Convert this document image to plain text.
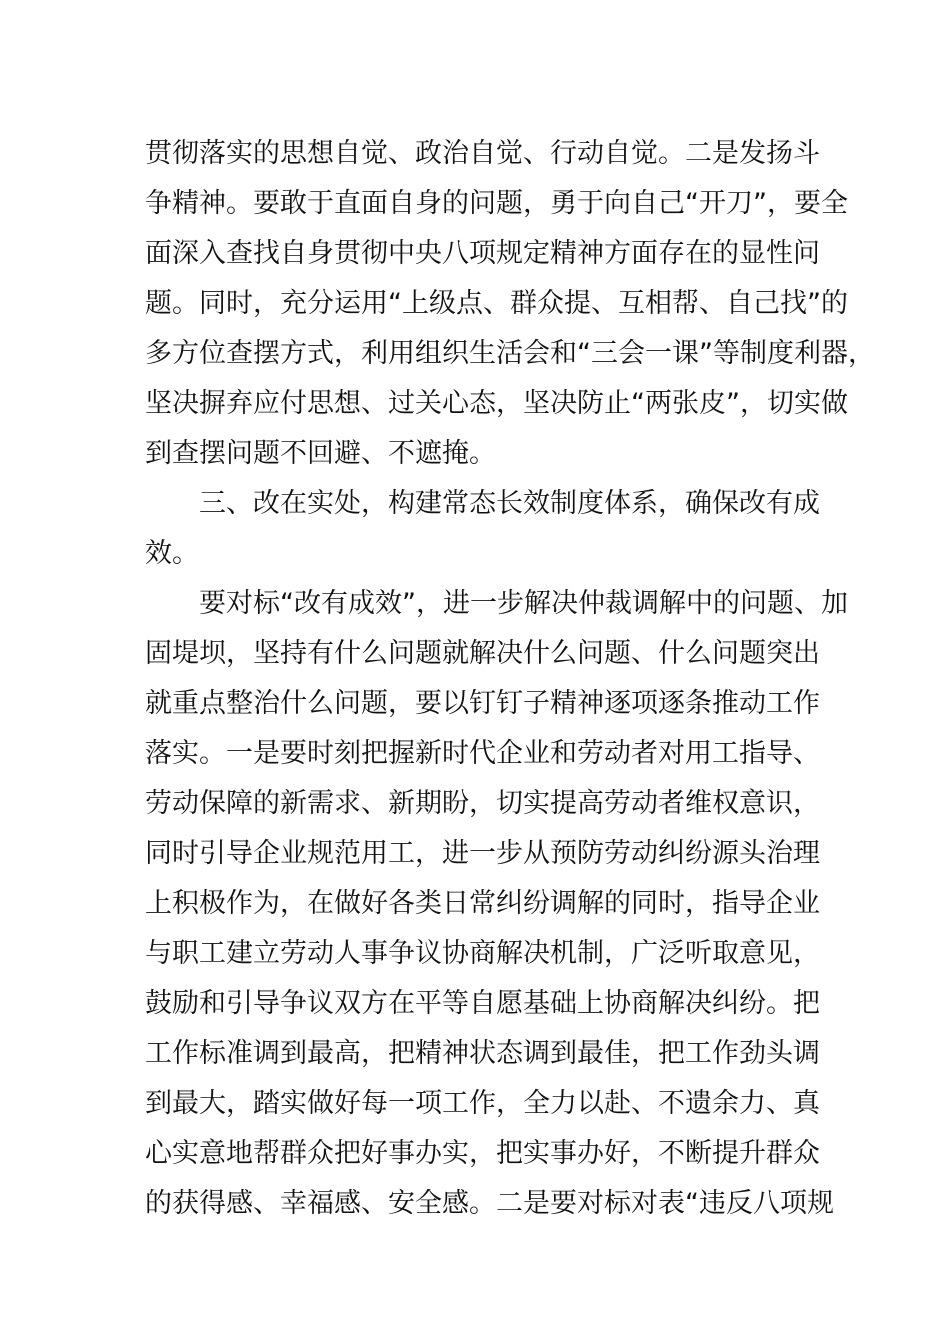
贯彻落实的思想自觉、政治自觉、行动自觉。二是发扬斗
争精神。要敢于直面自身的问题，勇于向自己“开刀”，要全
面深入查找自身贯彻中央八项规定精神方面存在的显性问
题。同时，充分运用“上级点、群众提、互相帮、自己找”的
多方位查摆方式，利用组织生活会和“三会一课”等制度利器，
坚决摒弃应付思想、过关心态，坚决防止“两张皮”，切实做
到查摆问题不回避、不遮掩。
　　三、改在实处，构建常态长效制度体系，确保改有成
效。
　　要对标“改有成效”，进一步解决仲裁调解中的问题、加
固堤坝，坚持有什么问题就解决什么问题、什么问题突出
就重点整治什么问题，要以钉钉子精神逐项逐条推动工作
落实。一是要时刻把握新时代企业和劳动者对用工指导、
劳动保障的新需求、新期盼，切实提高劳动者维权意识，
同时引导企业规范用工，进一步从预防劳动纠纷源头治理
上积极作为，在做好各类日常纠纷调解的同时，指导企业
与职工建立劳动人事争议协商解决机制，广泛听取意见，
鼓励和引导争议双方在平等自愿基础上协商解决纠纷。把
工作标准调到最高，把精神状态调到最佳，把工作劲头调
到最大，踏实做好每一项工作，全力以赴、不遗余力、真
心实意地帮群众把好事办实，把实事办好，不断提升群众
的获得感、幸福感、安全感。二是要对标对表“违反八项规
